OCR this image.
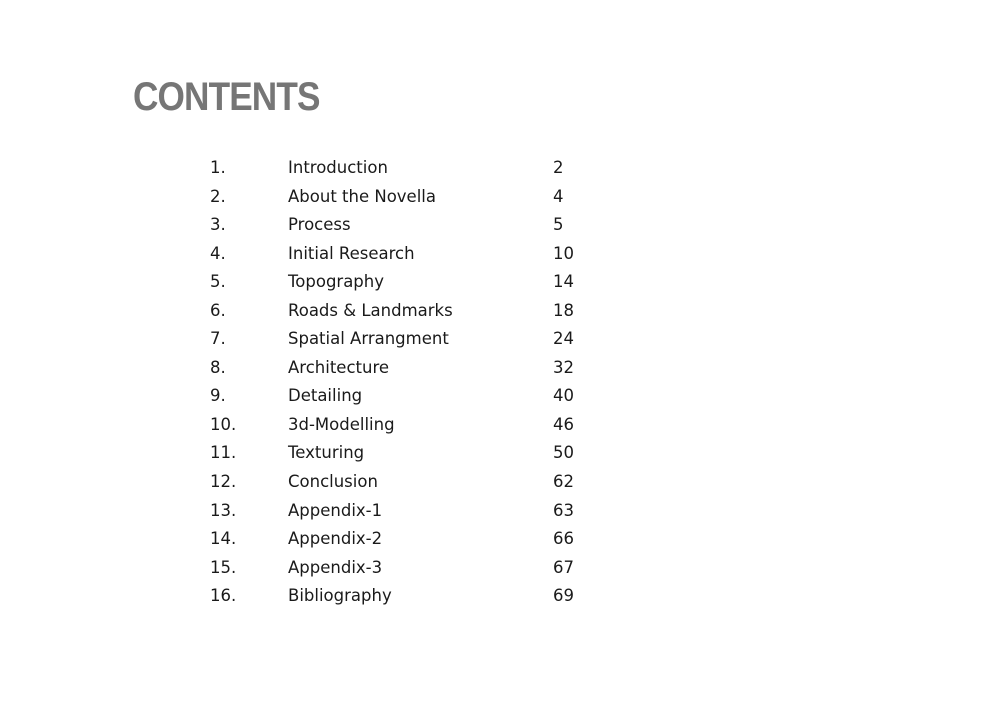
CONTENTS
1.	Introduction	2
2.	About the Novella	4
3.	Process	5
4.	Initial Research	10
5.	Topography	14
6.	Roads & Landmarks	18
7.	Spatial Arrangment	24
8.	Architecture	32
9.	Detailing	40
10.	3d-Modelling	46
11.	Texturing	50
12.	Conclusion	62
13.	Appendix-1	63
14.	Appendix-2	66
15.	Appendix-3	67
16.	Bibliography	69
